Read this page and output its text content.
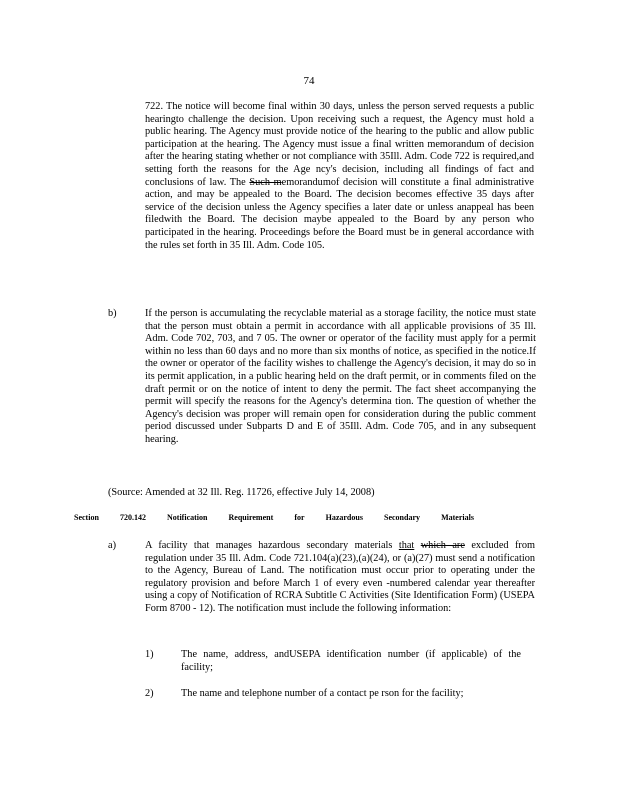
74
722. The notice will become final within 30 days, unless the person served requests a public hearingto challenge the decision. Upon receiving such a request, the Agency must hold a public hearing. The Agency must provide notice of the hearing to the public and allow public participation at the hearing. The Agency must issue a final written memorandum of decision after the hearing stating whether or not compliance with 35Ill. Adm. Code 722 is required,and setting forth the reasons for the Age ncy's decision, including all findings of fact and conclusions of law. The Such memorandumof decision will constitute a final administrative action, and may be appealed to the Board. The decision becomes effective 35 days after service of the decision unless the Agency specifies a later date or unless anappeal has been filedwith the Board. The decision maybe appealed to the Board by any person who participated in the hearing. Proceedings before the Board must be in general accordance with the rules set forth in 35 Ill. Adm. Code 105.
b)	If the person is accumulating the recyclable material as a storage facility, the notice must state that the person must obtain a permit in accordance with all applicable provisions of 35 Ill. Adm. Code 702, 703, and 7 05. The owner or operator of the facility must apply for a permit within no less than 60 days and no more than six months of notice, as specified in the notice.If the owner or operator of the facility wishes to challenge the Agency's decision, it may do so in its permit application, in a public hearing held on the draft permit, or in comments filed on the draft permit or on the notice of intent to deny the permit. The fact sheet accompanying the permit will specify the reasons for the Agency's determina tion. The question of whether the Agency's decision was proper will remain open for consideration during the public comment period discussed under Subparts D and E of 35Ill. Adm. Code 705, and in any subsequent hearing.
(Source: Amended at 32 Ill. Reg. 11726, effective July 14, 2008)
Section	720.142	Notification	Requirement	for	Hazardous	Secondary	Materials
a)	A facility that manages hazardous secondary materials that which are excluded from regulation under 35 Ill. Adm. Code 721.104(a)(23),(a)(24), or (a)(27) must send a notification to the Agency, Bureau of Land. The notification must occur prior to operating under the regulatory provision and before March 1 of every even -numbered calendar year thereafter using a copy of Notification of RCRA Subtitle C Activities (Site Identification Form) (USEPA Form 8700 - 12). The notification must include the following information:
1)	The name, address, andUSEPA identification number (if applicable) of the facility;
2)	The name and telephone number of a contact pe rson for the facility;
